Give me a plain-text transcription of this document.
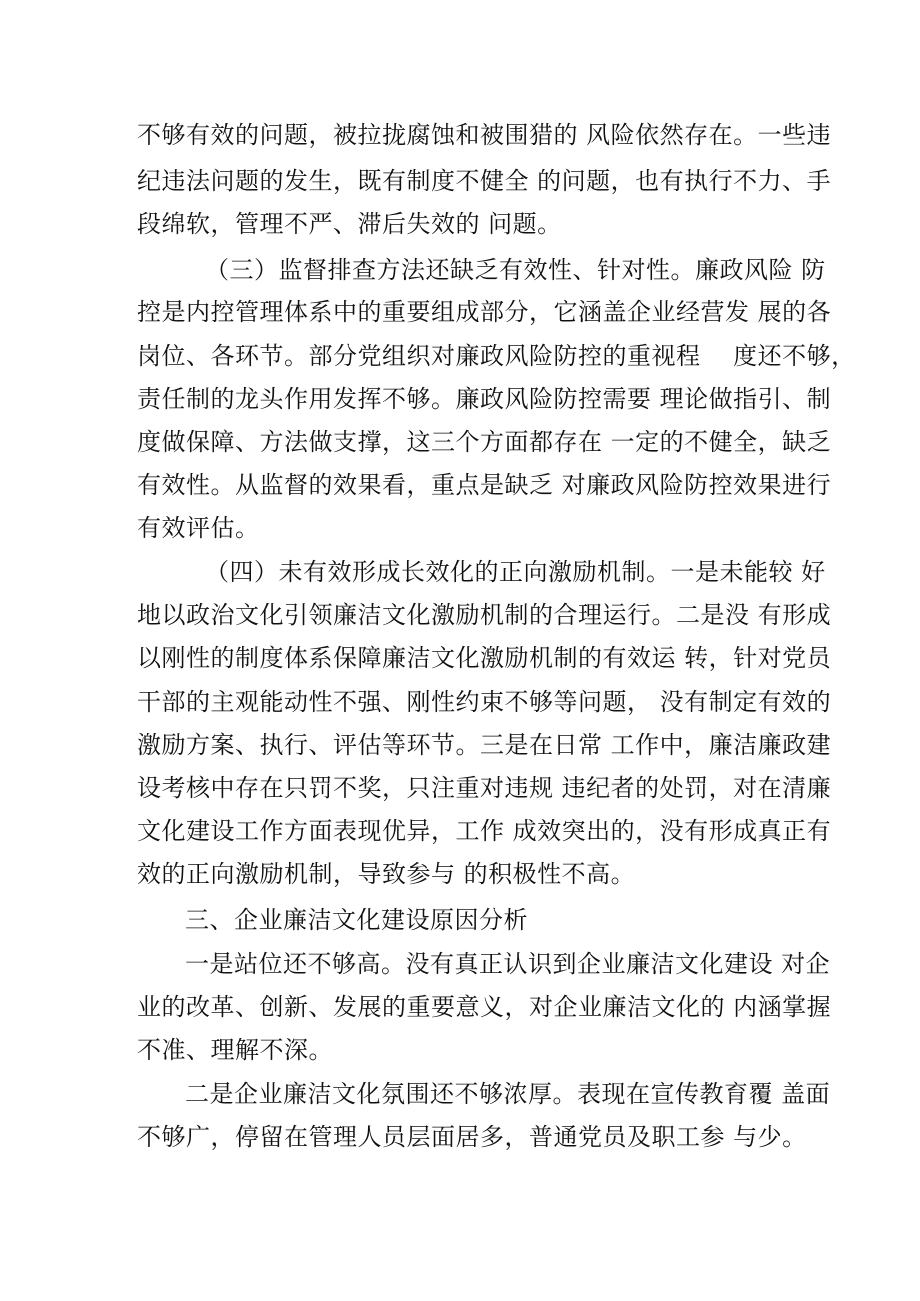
不够有效的问题，被拉拢腐蚀和被围猎的 风险依然存在。一些违
纪违法问题的发生，既有制度不健全 的问题，也有执行不力、手
段绵软，管理不严、滞后失效的 问题。
（三）监督排查方法还缺乏有效性、针对性。廉政风险 防
控是内控管理体系中的重要组成部分，它涵盖企业经营发 展的各
岗位、各环节。部分党组织对廉政风险防控的重视程　 度还不够，
责任制的龙头作用发挥不够。廉政风险防控需要 理论做指引、制
度做保障、方法做支撑，这三个方面都存在 一定的不健全，缺乏
有效性。从监督的效果看，重点是缺乏 对廉政风险防控效果进行
有效评估。
（四）未有效形成长效化的正向激励机制。一是未能较 好
地以政治文化引领廉洁文化激励机制的合理运行。二是没 有形成
以刚性的制度体系保障廉洁文化激励机制的有效运 转，针对党员
干部的主观能动性不强、刚性约束不够等问题， 没有制定有效的
激励方案、执行、评估等环节。三是在日常 工作中，廉洁廉政建
设考核中存在只罚不奖，只注重对违规 违纪者的处罚，对在清廉
文化建设工作方面表现优异，工作 成效突出的，没有形成真正有
效的正向激励机制，导致参与 的积极性不高。
三、企业廉洁文化建设原因分析
一是站位还不够高。没有真正认识到企业廉洁文化建设 对企
业的改革、创新、发展的重要意义，对企业廉洁文化的 内涵掌握
不准、理解不深。
二是企业廉洁文化氛围还不够浓厚。表现在宣传教育覆 盖面
不够广，停留在管理人员层面居多，普通党员及职工参 与少。
